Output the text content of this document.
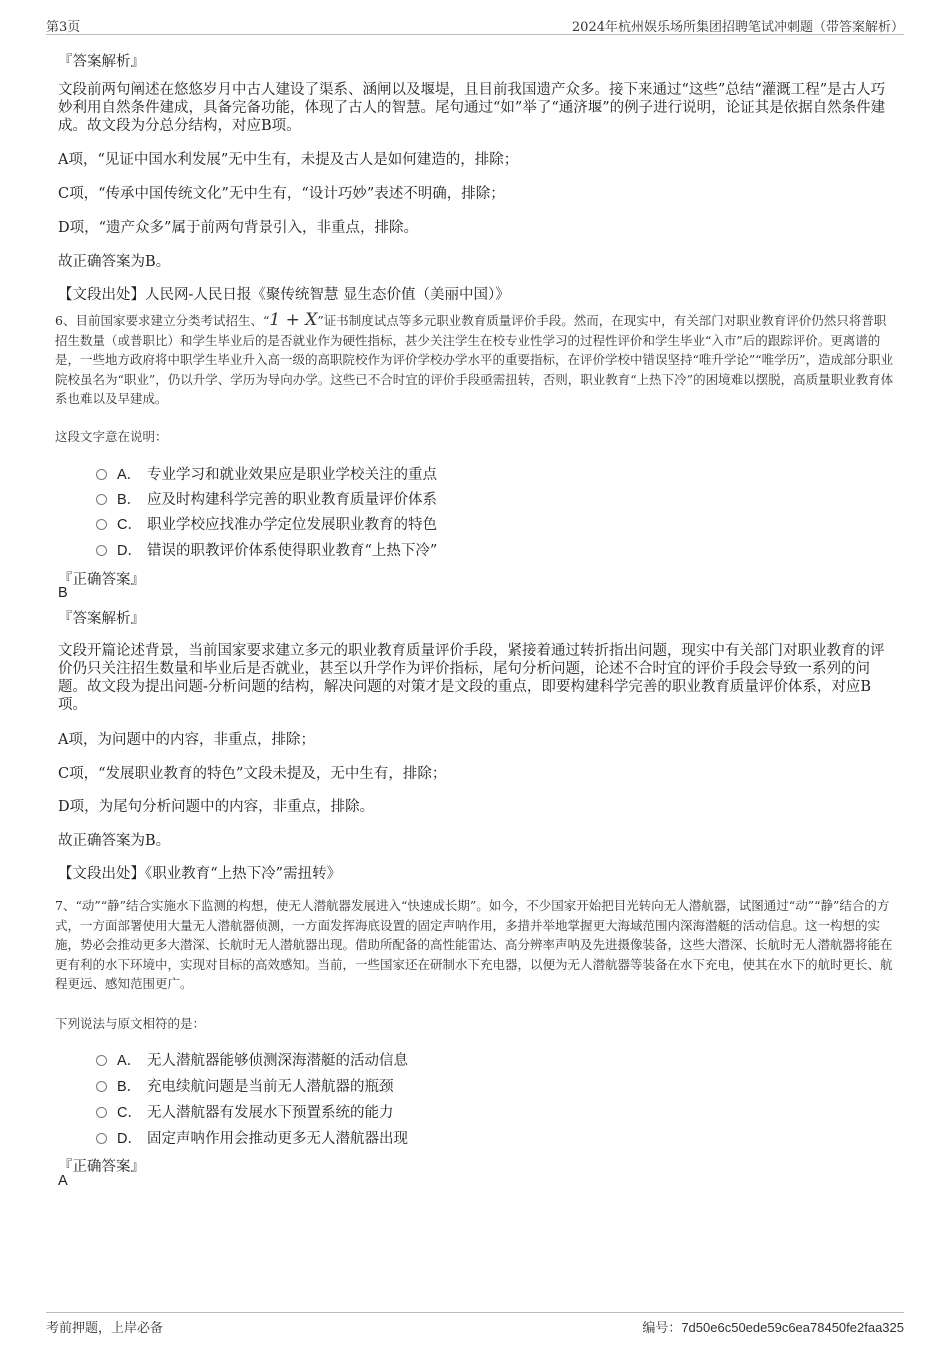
第3页	2024年杭州娱乐场所集团招聘笔试冲刺题（带答案解析）
『答案解析』

文段前两句阐述在悠悠岁月中古人建设了渠系、涵闸以及堰堤，且目前我国遗产众多。接下来通过“这些”总结“灌溉工程”是古人巧妙利用自然条件建成，具备完备功能，体现了古人的智慧。尾句通过“如”举了“通济堰”的例子进行说明，论证其是依据自然条件建成。故文段为分总分结构，对应B项。

A项，“见证中国水利发展”无中生有，未提及古人是如何建造的，排除；

C项，“传承中国传统文化”无中生有，“设计巧妙”表述不明确，排除；

D项，“遗产众多”属于前两句背景引入，非重点，排除。

故正确答案为B。

【文段出处】人民网-人民日报《聚传统智慧 显生态价值（美丽中国）》

6、目前国家要求建立分类考试招生、“1 + X”证书制度试点等多元职业教育质量评价手段。然而，在现实中，有关部门对职业教育评价仍然只将普职招生数量（或普职比）和学生毕业后的是否就业作为硬性指标，甚少关注学生在校专业性学习的过程性评价和学生毕业“入市”后的跟踪评价。更离谱的是，一些地方政府将中职学生毕业升入高一级的高职院校作为评价学校办学水平的重要指标，在评价学校中错误坚持“唯升学论”“唯学历”，造成部分职业院校虽名为“职业”，仍以升学、学历为导向办学。这些已不合时宜的评价手段亟需扭转，否则，职业教育“上热下冷”的困境难以摆脱，高质量职业教育体系也难以及早建成。

这段文字意在说明：

A． 专业学习和就业效果应是职业学校关注的重点
B． 应及时构建科学完善的职业教育质量评价体系
C． 职业学校应找准办学定位发展职业教育的特色
D． 错误的职教评价体系使得职业教育“上热下冷”
『正确答案』
B
『答案解析』

文段开篇论述背景，当前国家要求建立多元的职业教育质量评价手段，紧接着通过转折指出问题，现实中有关部门对职业教育的评价仍只关注招生数量和毕业后是否就业，甚至以升学作为评价指标，尾句分析问题，论述不合时宜的评价手段会导致一系列的问题。故文段为提出问题-分析问题的结构，解决问题的对策才是文段的重点，即要构建科学完善的职业教育质量评价体系，对应B项。

A项，为问题中的内容，非重点，排除；

C项，“发展职业教育的特色”文段未提及，无中生有，排除；

D项，为尾句分析问题中的内容，非重点，排除。

故正确答案为B。

【文段出处】《职业教育“上热下冷”需扭转》

7、“动”“静”结合实施水下监测的构想，使无人潜航器发展进入“快速成长期”。如今，不少国家开始把目光转向无人潜航器，试图通过“动”“静”结合的方式，一方面部署使用大量无人潜航器侦测，一方面发挥海底设置的固定声呐作用，多措并举地掌握更大海域范围内深海潜艇的活动信息。这一构想的实施，势必会推动更多大潜深、长航时无人潜航器出现。借助所配备的高性能雷达、高分辨率声呐及先进摄像装备，这些大潜深、长航时无人潜航器将能在更有利的水下环境中，实现对目标的高效感知。当前，一些国家还在研制水下充电器，以便为无人潜航器等装备在水下充电，使其在水下的航时更长、航程更远、感知范围更广。

下列说法与原文相符的是：

A． 无人潜航器能够侦测深海潜艇的活动信息
B． 充电续航问题是当前无人潜航器的瓶颈
C． 无人潜航器有发展水下预置系统的能力
D． 固定声呐作用会推动更多无人潜航器出现
『正确答案』
A
考前押题，上岸必备	编号：7d50e6c50ede59c6ea78450fe2faa325
